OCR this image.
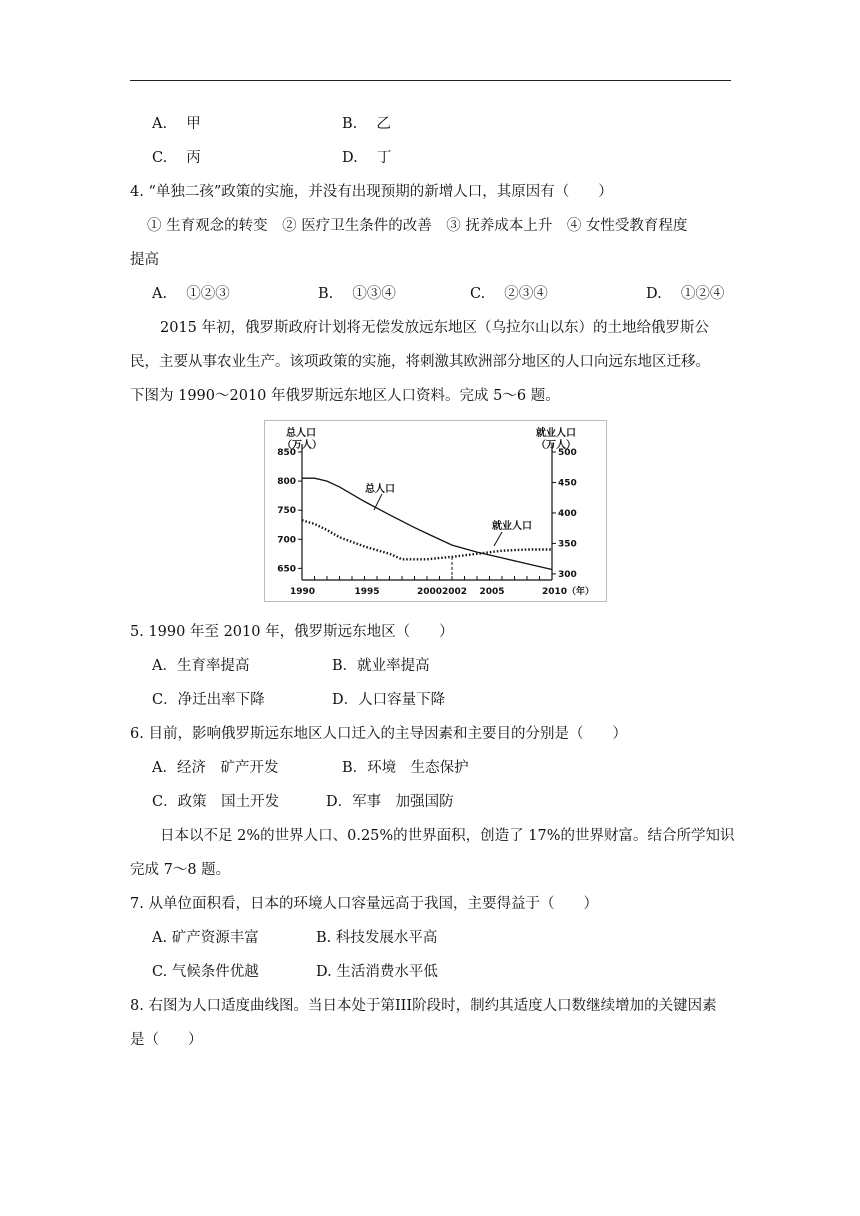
A.　 甲	B.　 乙
C.　 丙	D.　 丁
4. “单独二孩”政策的实施，并没有出现预期的新增人口，其原因有（　　）
① 生育观念的转变　② 医疗卫生条件的改善　③ 抚养成本上升　④ 女性受教育程度
提高
A.　 ①②③	B.　 ①③④	C.　 ②③④	D.　 ①②④
2015 年初，俄罗斯政府计划将无偿发放远东地区（乌拉尔山以东）的土地给俄罗斯公
民，主要从事农业生产。该项政策的实施，将刺激其欧洲部分地区的人口向远东地区迁移。
下图为 1990～2010 年俄罗斯远东地区人口资料。完成 5～6 题。
总人口
（万人）
就业人口
（万人）
1990	1995	2000 2002 2005	2010（年）
650
700
750
800
850
300
350
400
450
500
总人口
就业人口
5. 1990 年至 2010 年，俄罗斯远东地区（　　）
A．生育率提高	B．就业率提高
C．净迁出率下降	D．人口容量下降
6. 目前，影响俄罗斯远东地区人口迁入的主导因素和主要目的分别是（　　）
A．经济　矿产开发	B．环境　生态保护
C．政策　国土开发	D．军事　加强国防
日本以不足 2%的世界人口、0.25%的世界面积，创造了 17%的世界财富。结合所学知识
完成 7～8 题。
7. 从单位面积看，日本的环境人口容量远高于我国，主要得益于（　　）
A. 矿产资源丰富	B. 科技发展水平高
C. 气候条件优越	D. 生活消费水平低
8. 右图为人口适度曲线图。当日本处于第III阶段时，制约其适度人口数继续增加的关键因素
是（　　）
